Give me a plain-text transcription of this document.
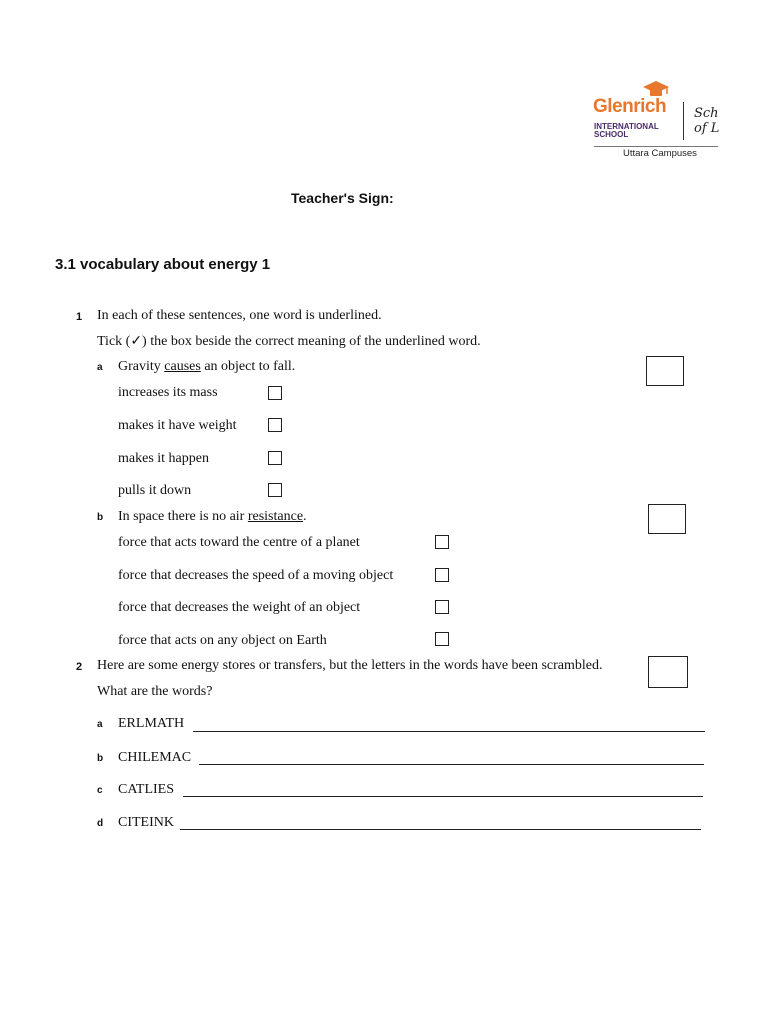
Glenrich
INTERNATIONAL
SCHOOL
Sch
of L
Uttara Campuses
Teacher's Sign:
3.1 vocabulary about energy 1
1 In each of these sentences, one word is underlined.
Tick (✓) the box beside the correct meaning of the underlined word.
a Gravity causes an object to fall.
increases its mass
makes it have weight
makes it happen
pulls it down
b In space there is no air resistance.
force that acts toward the centre of a planet
force that decreases the speed of a moving object
force that decreases the weight of an object
force that acts on any object on Earth
2 Here are some energy stores or transfers, but the letters in the words have been scrambled.
What are the words?
a ERLMATH
b CHILEMAC
c CATLIES
d CITEINK
